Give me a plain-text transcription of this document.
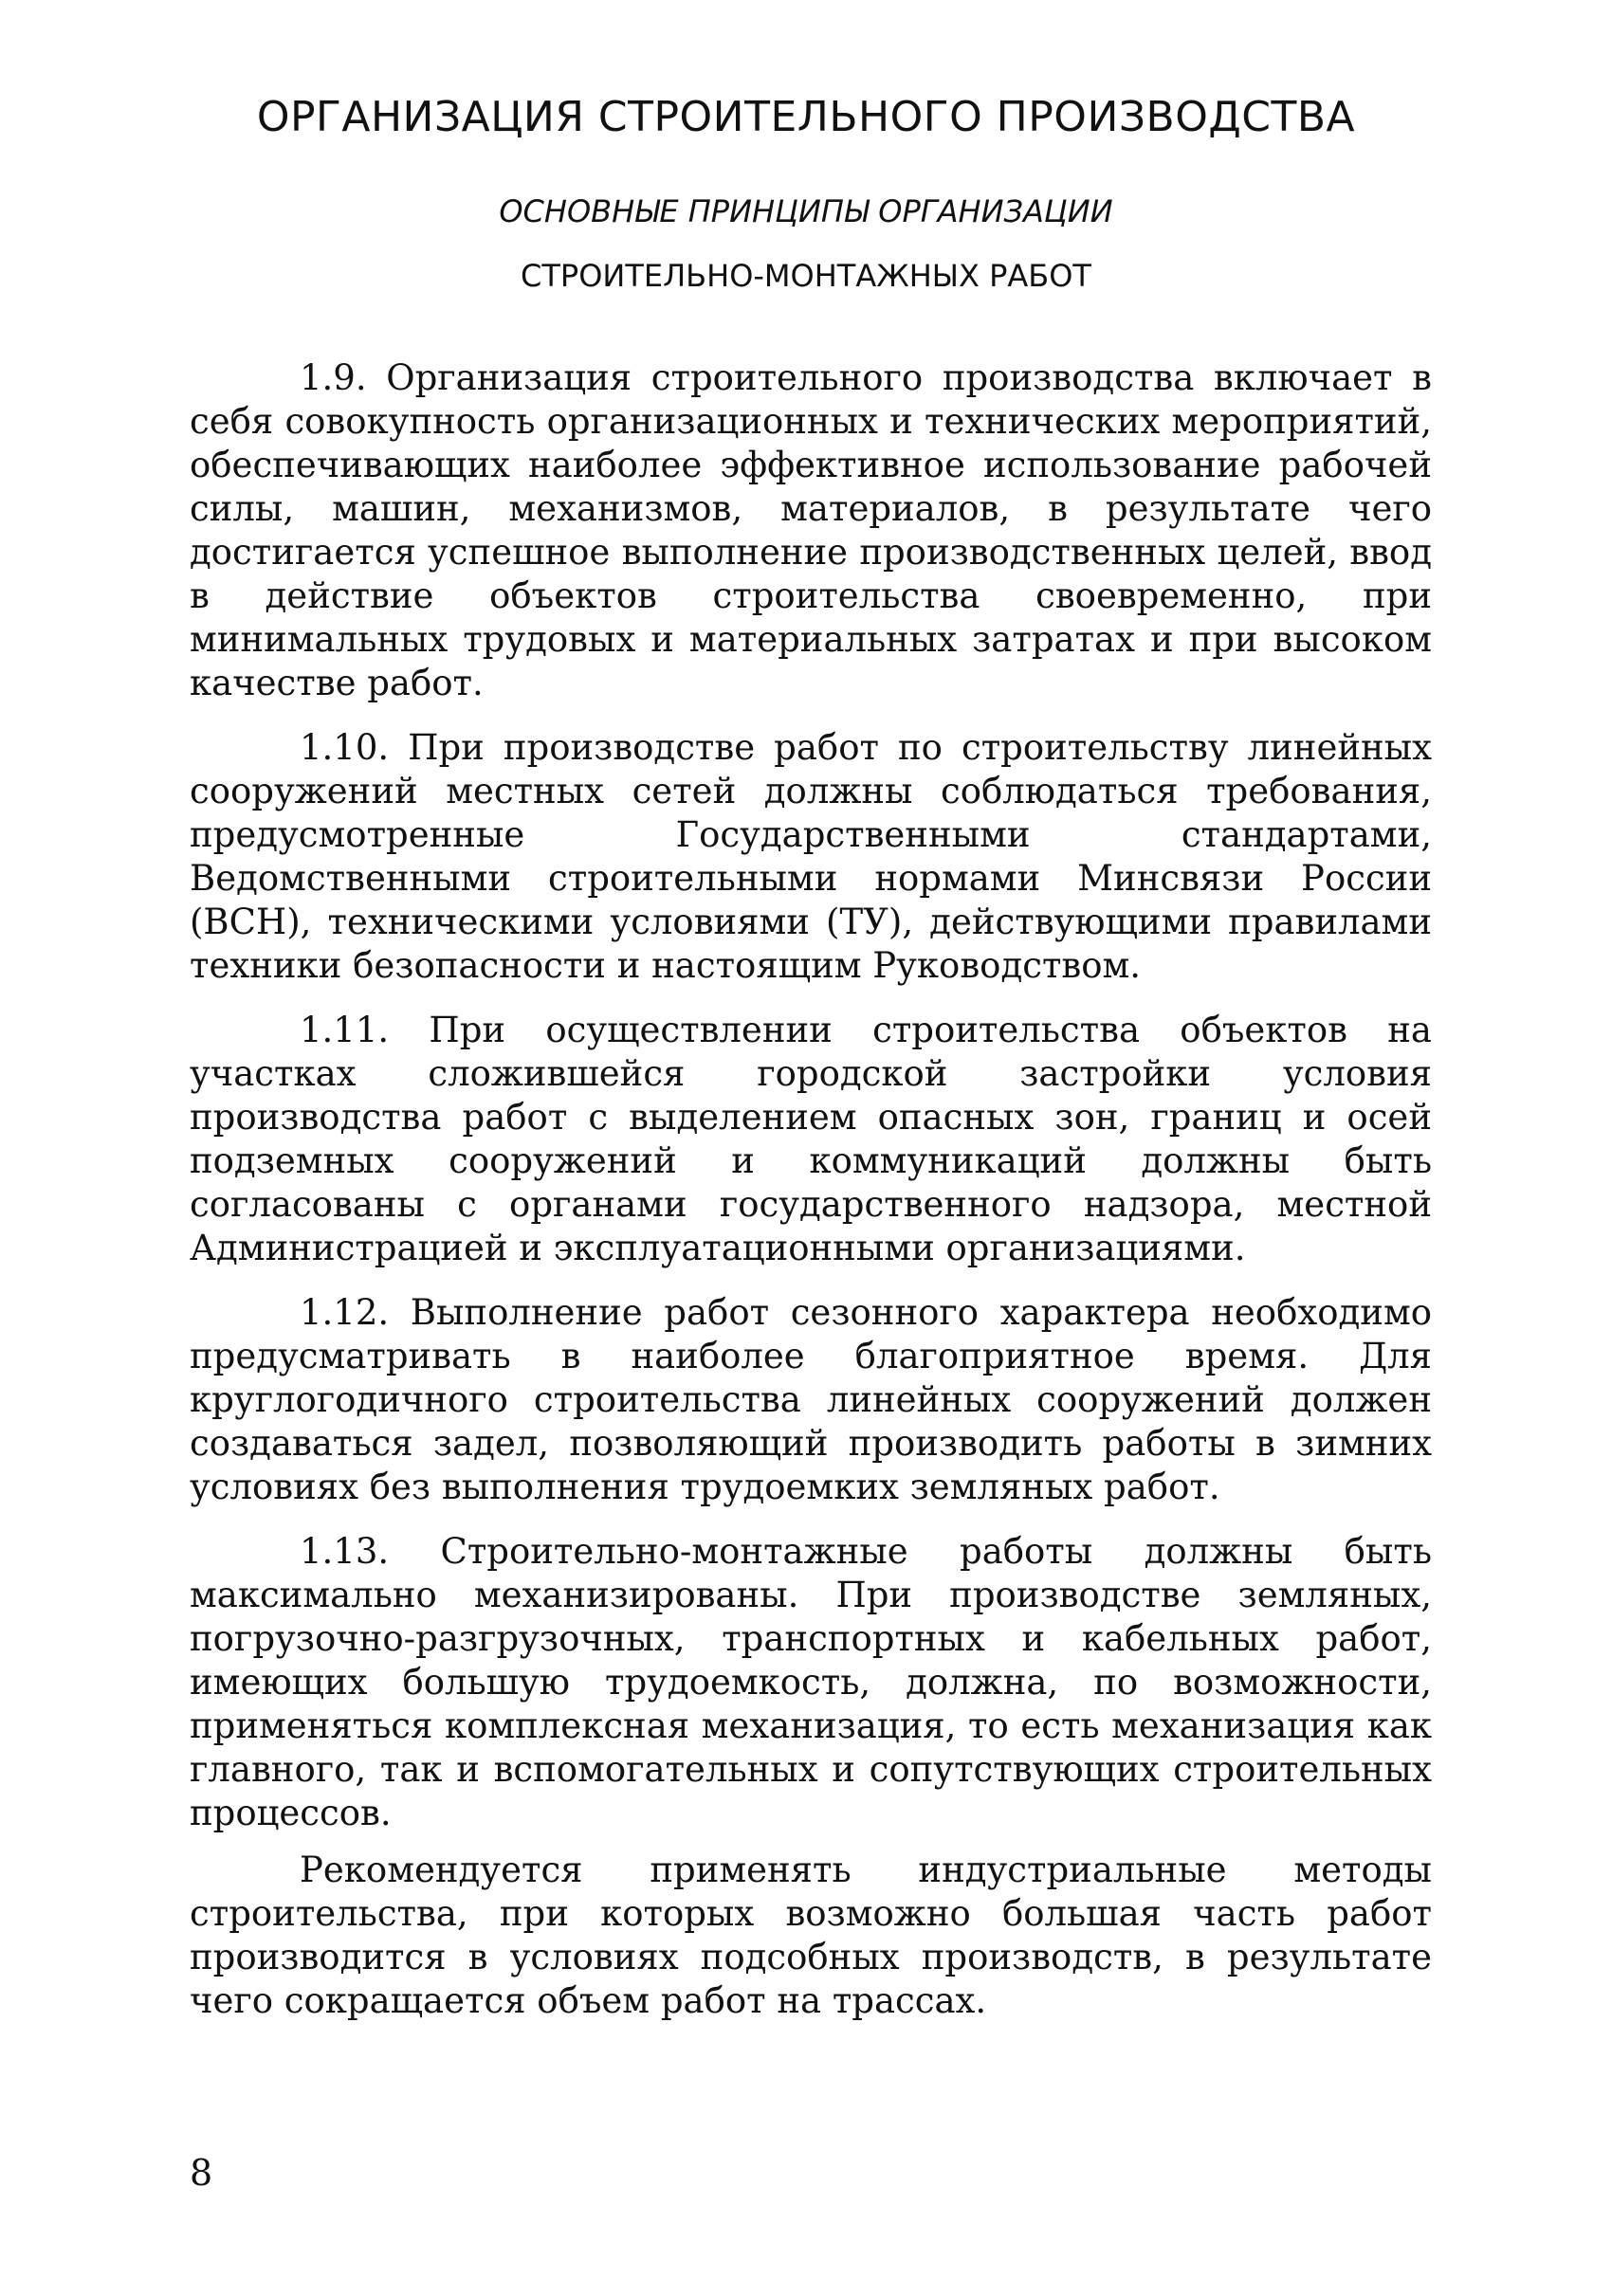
ОРГАНИЗАЦИЯ СТРОИТЕЛЬНОГО ПРОИЗВОДСТВА
ОСНОВНЫЕ ПРИНЦИПЫ ОРГАНИЗАЦИИ
СТРОИТЕЛЬНО-МОНТАЖНЫХ РАБОТ

1.9. Организация строительного производства включает в себя совокупность организационных и технических мероприятий, обеспечивающих наиболее эффективное использование рабочей силы, машин, механизмов, материалов, в результате чего достигается успешное выполнение производственных целей, ввод в действие объектов строительства своевременно, при минимальных трудовых и материальных затратах и при высоком качестве работ.

1.10. При производстве работ по строительству линейных сооружений местных сетей должны соблюдаться требования, предусмотренные Государственными стандартами, Ведомственными строительными нормами Минсвязи России (ВСН), техническими условиями (ТУ), действующими правилами техники безопасности и настоящим Руководством.

1.11. При осуществлении строительства объектов на участках сложившейся городской застройки условия производства работ с выделением опасных зон, границ и осей подземных сооружений и коммуникаций должны быть согласованы с органами государственного надзора, местной Администрацией и эксплуатационными организациями.

1.12. Выполнение работ сезонного характера необходимо предусматривать в наиболее благоприятное время. Для круглогодичного строительства линейных сооружений должен создаваться задел, позволяющий производить работы в зимних условиях без выполнения трудоемких земляных работ.

1.13. Строительно-монтажные работы должны быть максимально механизированы. При производстве земляных, погрузочно-разгрузочных, транспортных и кабельных работ, имеющих большую трудоемкость, должна, по возможности, применяться комплексная механизация, то есть механизация как главного, так и вспомогательных и сопутствующих строительных процессов.

Рекомендуется применять индустриальные методы строительства, при которых возможно большая часть работ производится в условиях подсобных производств, в результате чего сокращается объем работ на трассах.

8
